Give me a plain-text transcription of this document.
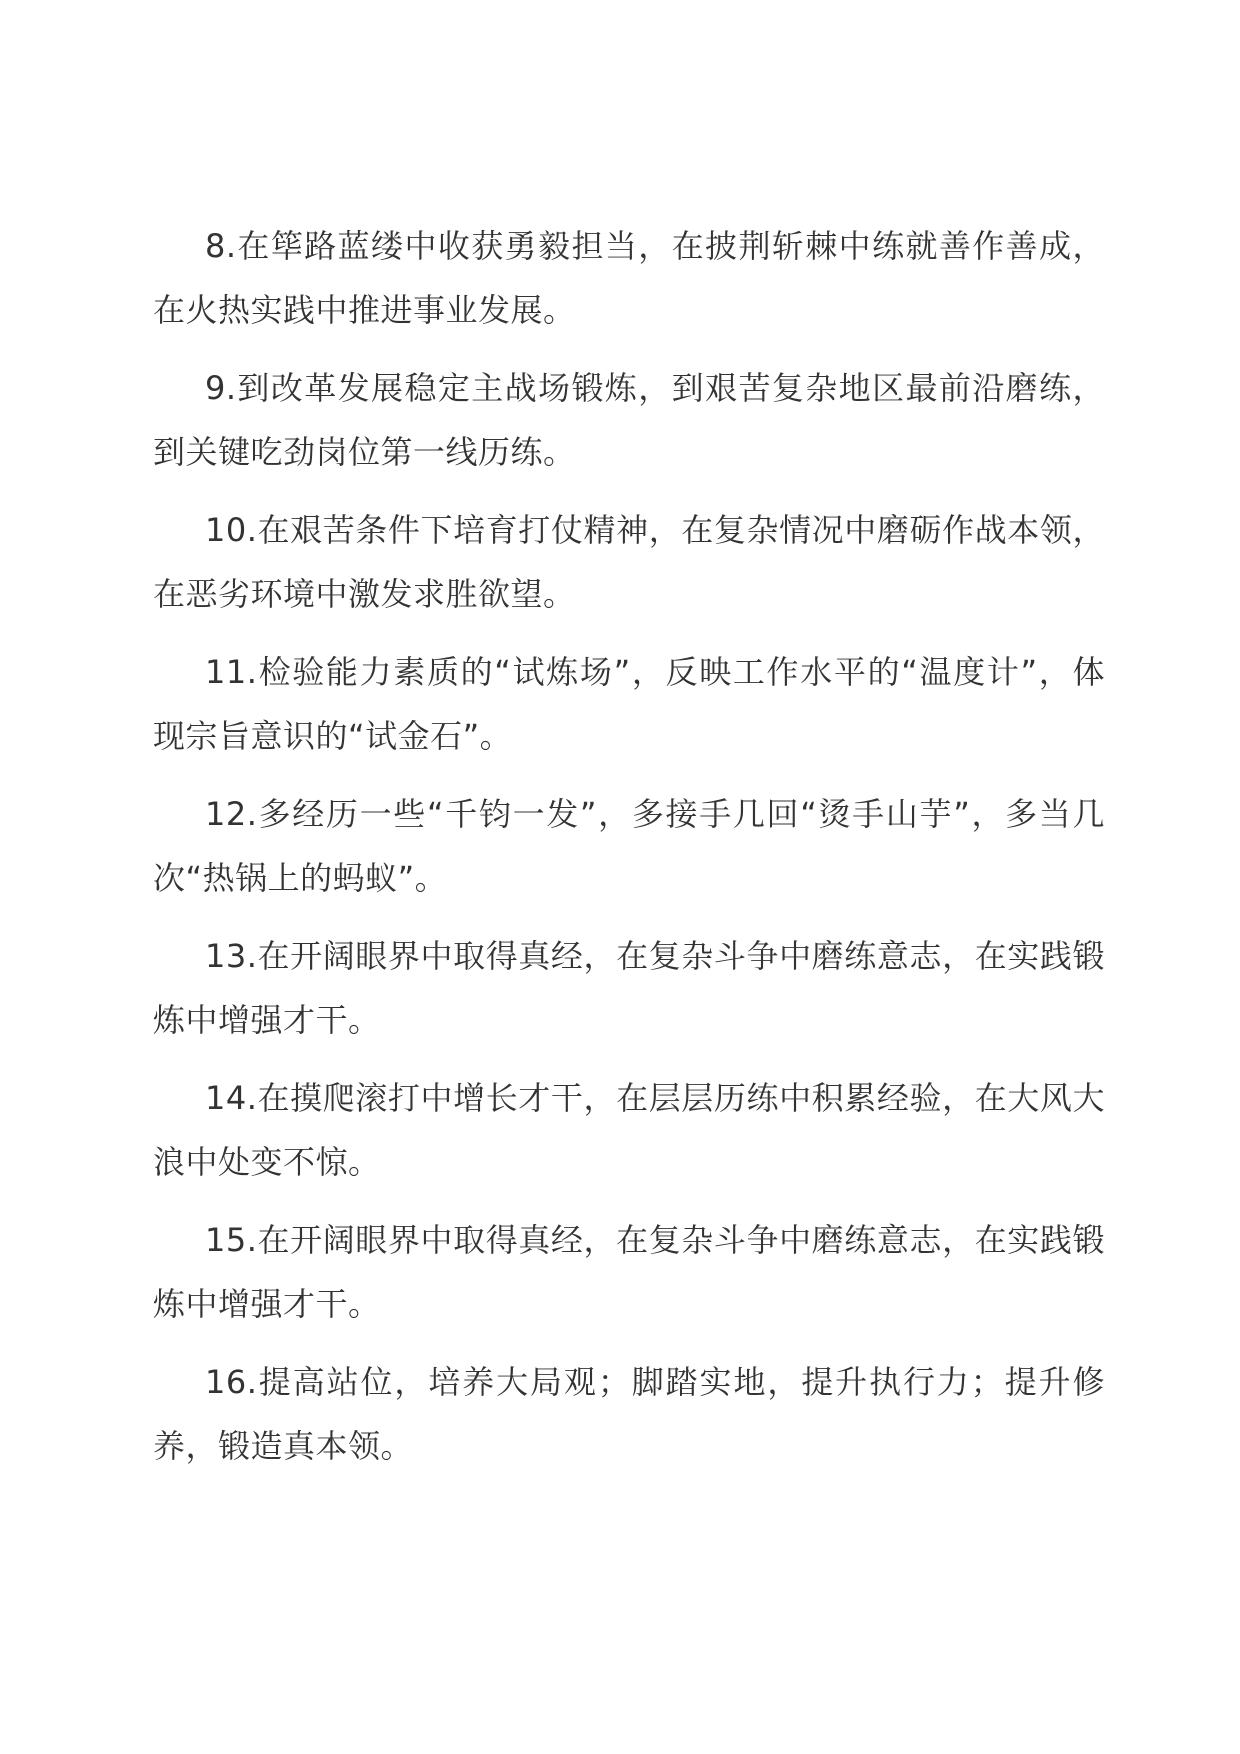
8.在筚路蓝缕中收获勇毅担当，在披荆斩棘中练就善作善成，在火热实践中推进事业发展。

9.到改革发展稳定主战场锻炼，到艰苦复杂地区最前沿磨练，到关键吃劲岗位第一线历练。

10.在艰苦条件下培育打仗精神，在复杂情况中磨砺作战本领，在恶劣环境中激发求胜欲望。

11.检验能力素质的“试炼场”，反映工作水平的“温度计”，体现宗旨意识的“试金石”。

12.多经历一些“千钧一发”，多接手几回“烫手山芋”，多当几次“热锅上的蚂蚁”。

13.在开阔眼界中取得真经，在复杂斗争中磨练意志，在实践锻炼中增强才干。

14.在摸爬滚打中增长才干，在层层历练中积累经验，在大风大浪中处变不惊。

15.在开阔眼界中取得真经，在复杂斗争中磨练意志，在实践锻炼中增强才干。

16.提高站位，培养大局观；脚踏实地，提升执行力；提升修养，锻造真本领。
